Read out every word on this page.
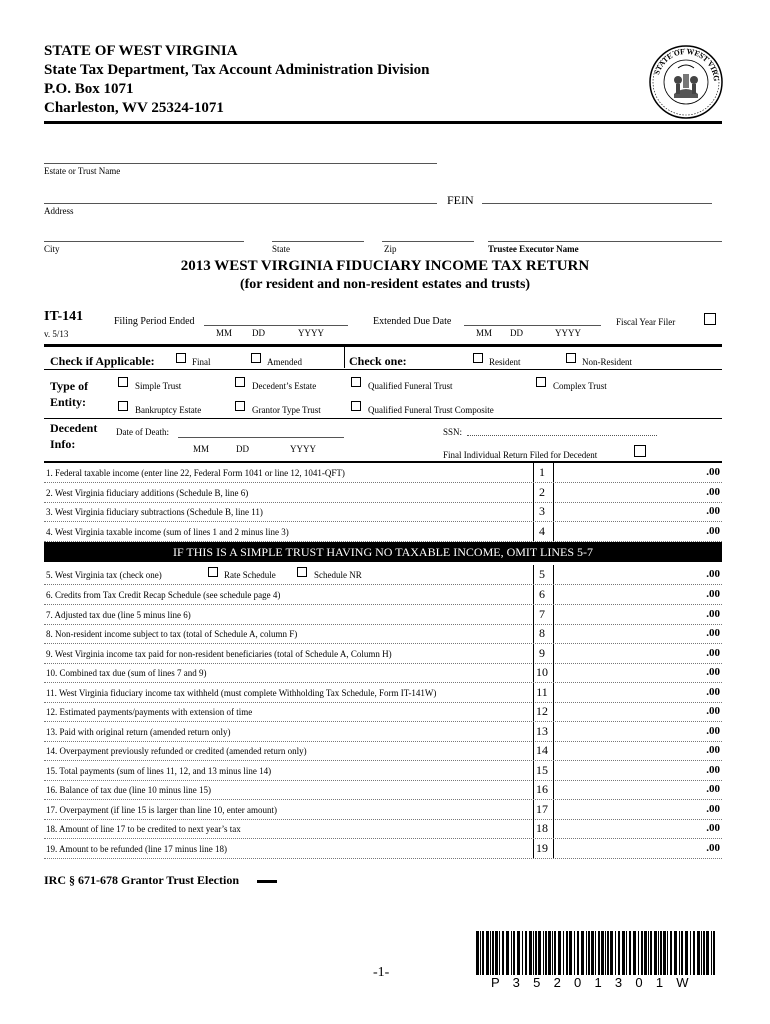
STATE OF WEST VIRGINIA
State Tax Department, Tax Account Administration Division
P.O. Box 1071
Charleston, WV 25324-1071
STATE OF WEST VIRG
Estate or Trust Name
Address
FEIN
City	State	Zip	Trustee Executor Name
2013 WEST VIRGINIA FIDUCIARY INCOME TAX RETURN
(for resident and non-resident estates and trusts)
IT-141
v. 5/13
Filing Period Ended
MM DD	YYYY
Extended Due Date
MM DD	YYYY
Fiscal Year Filer
Check if Applicable:	Final	Amended	Check one:	Resident	Non-Resident
Type of
Entity:
Simple Trust	Decedent’s Estate	Qualified Funeral Trust	Complex Trust
Bankruptcy Estate	Grantor Type Trust	Qualified Funeral Trust Composite
Decedent
Info:
Date of Death:
MM	DD	YYYY
SSN:
Final Individual Return Filed for Decedent
1. Federal taxable income (enter line 22, Federal Form 1041 or line 12, 1041-QFT)	1	.00
2. West Virginia fiduciary additions (Schedule B, line 6)	2	.00
3. West Virginia fiduciary subtractions (Schedule B, line 11)	3	.00
4. West Virginia taxable income (sum of lines 1 and 2 minus line 3)	4	.00
IF THIS IS A SIMPLE TRUST HAVING NO TAXABLE INCOME, OMIT LINES 5-7
5. West Virginia tax (check one)	Rate Schedule	Schedule NR	5	.00
6. Credits from Tax Credit Recap Schedule (see schedule page 4)	6	.00
7. Adjusted tax due (line 5 minus line 6)	7	.00
8. Non-resident income subject to tax (total of Schedule A, column F)	8	.00
9. West Virginia income tax paid for non-resident beneficiaries (total of Schedule A, Column H)	9	.00
10. Combined tax due (sum of lines 7 and 9)	10	.00
11. West Virginia fiduciary income tax withheld (must complete Withholding Tax Schedule, Form IT-141W)	11	.00
12. Estimated payments/payments with extension of time	12	.00
13. Paid with original return (amended return only)	13	.00
14. Overpayment previously refunded or credited (amended return only)	14	.00
15. Total payments (sum of lines 11, 12, and 13 minus line 14)	15	.00
16. Balance of tax due (line 10 minus line 15)	16	.00
17. Overpayment (if line 15 is larger than line 10, enter amount)	17	.00
18. Amount of line 17 to be credited to next year’s tax	18	.00
19. Amount to be refunded (line 17 minus line 18)	19	.00
IRC § 671-678 Grantor Trust Election
-1-
P  3  5  2  0  1  3  0  1  W
